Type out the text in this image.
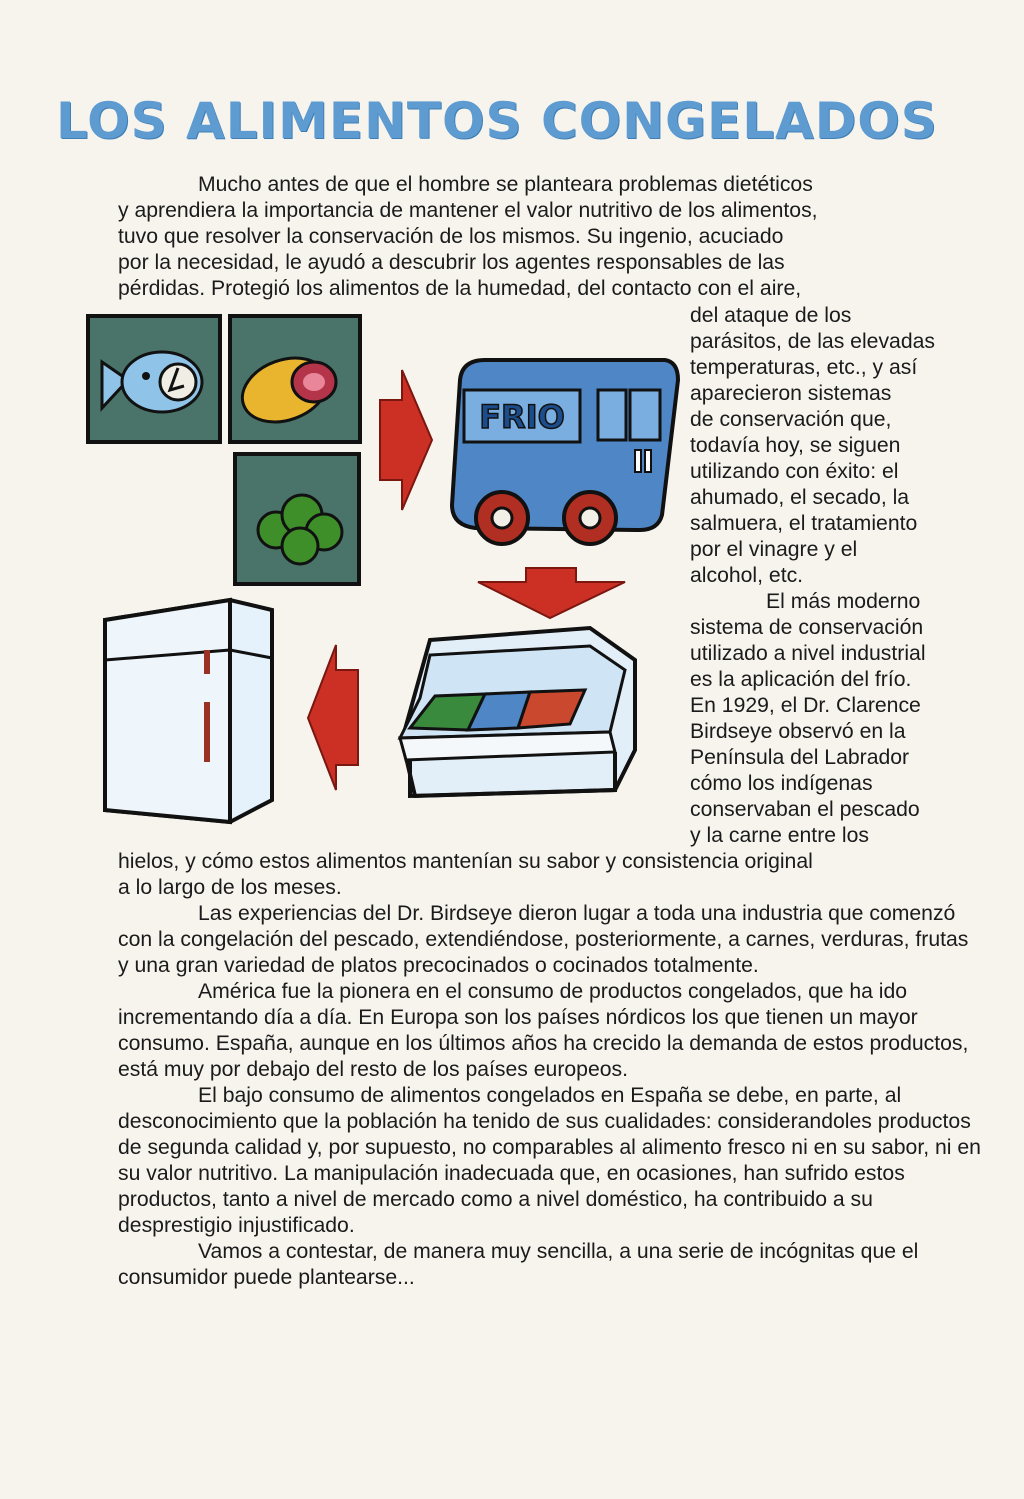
LOS ALIMENTOS CONGELADOS

Mucho antes de que el hombre se planteara problemas dietéticos

y aprendiera la importancia de mantener el valor nutritivo de los alimentos,

tuvo que resolver la conservación de los mismos. Su ingenio, acuciado

por la necesidad, le ayudó a descubrir los agentes responsables de las

pérdidas. Protegió los alimentos de la humedad, del contacto con el aire,

FRIO

del ataque de los

parásitos, de las elevadas

temperaturas, etc., y así

aparecieron sistemas

de conservación que,

todavía hoy, se siguen

utilizando con éxito: el

ahumado, el secado, la

salmuera, el tratamiento

por el vinagre y el

alcohol, etc.

El más moderno

sistema de conservación

utilizado a nivel industrial

es la aplicación del frío.

En 1929, el Dr. Clarence

Birdseye observó en la

Península del Labrador

cómo los indígenas

conservaban el pescado

y la carne entre los

hielos, y cómo estos alimentos mantenían su sabor y consistencia original

a lo largo de los meses.

Las experiencias del Dr. Birdseye dieron lugar a toda una industria que comenzó con la congelación del pescado, extendiéndose, posteriormente, a carnes, verduras, frutas y una gran variedad de platos precocinados o cocinados totalmente.

América fue la pionera en el consumo de productos congelados, que ha ido incrementando día a día. En Europa son los países nórdicos los que tienen un mayor consumo. España, aunque en los últimos años ha crecido la demanda de estos productos, está muy por debajo del resto de los países europeos.

El bajo consumo de alimentos congelados en España se debe, en parte, al desconocimiento que la población ha tenido de sus cualidades: considerandoles productos de segunda calidad y, por supuesto, no comparables al alimento fresco ni en su sabor, ni en su valor nutritivo. La manipulación inadecuada que, en ocasiones, han sufrido estos productos, tanto a nivel de mercado como a nivel doméstico, ha contribuido a su desprestigio injustificado.

Vamos a contestar, de manera muy sencilla, a una serie de incógnitas que el consumidor puede plantearse...
